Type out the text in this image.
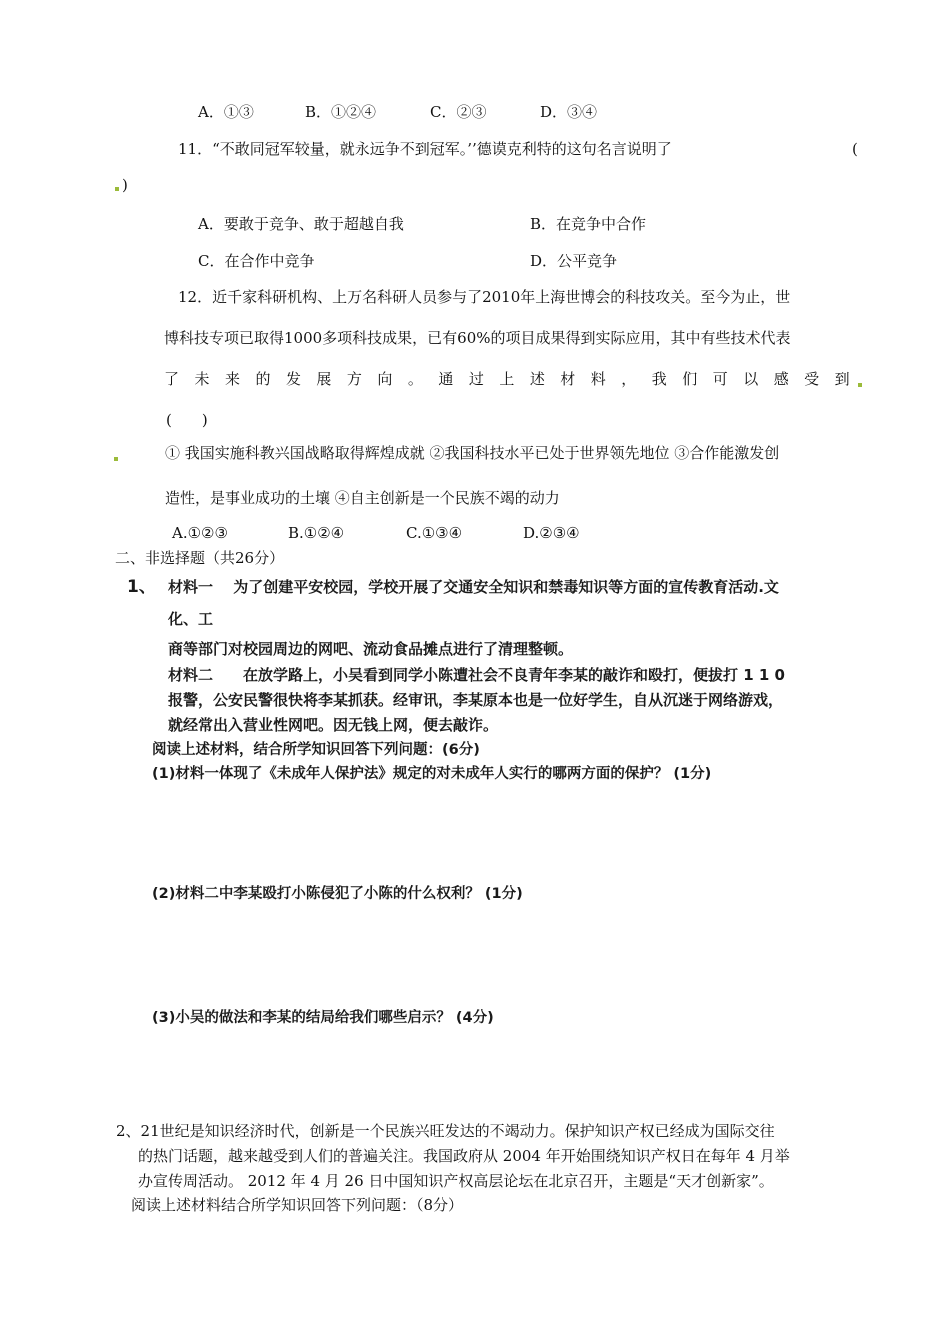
A．①③	B．①②④	C．②③	D．③④
11．“不敢同冠军较量，就永远争不到冠军。’’德谟克利特的这句名言说明了	(
)
A．要敢于竞争、敢于超越自我	B．在竞争中合作
C．在合作中竞争	D．公平竞争
12．近千家科研机构、上万名科研人员参与了2010年上海世博会的科技攻关。至今为止，世
博科技专项已取得1000多项科技成果，已有60%的项目成果得到实际应用，其中有些技术代表
了 未 来 的 发 展 方 向 。 通 过 上 述 材 料 ， 我 们 可 以 感 受 到
(　　)
① 我国实施科教兴国战略取得辉煌成就 ②我国科技水平已处于世界领先地位 ③合作能激发创
造性，是事业成功的土壤 ④自主创新是一个民族不竭的动力
A.①②③	B.①②④	C.①③④	D.②③④
二、非选择题（共26分）
1、 材料一　 为了创建平安校园，学校开展了交通安全知识和禁毒知识等方面的宣传教育活动.文
化、工
商等部门对校园周边的网吧、流动食品摊点进行了清理整顿。
材料二　　在放学路上，小吴看到同学小陈遭社会不良青年李某的敲诈和殴打，便拔打 1 1 0
报警，公安民警很快将李某抓获。经审讯，李某原本也是一位好学生，自从沉迷于网络游戏，
就经常出入营业性网吧。因无钱上网，便去敲诈。
阅读上述材料，结合所学知识回答下列问题：(6分)
(1)材料一体现了《未成年人保护法》规定的对未成年人实行的哪两方面的保护？ (1分)
(2)材料二中李某殴打小陈侵犯了小陈的什么权利？ (1分)
(3)小吴的做法和李某的结局给我们哪些启示？ (4分)
2、21世纪是知识经济时代，创新是一个民族兴旺发达的不竭动力。保护知识产权已经成为国际交往
的热门话题，越来越受到人们的普遍关注。我国政府从 2004 年开始围绕知识产权日在每年 4 月举
办宣传周活动。 2012 年 4 月 26 日中国知识产权高层论坛在北京召开，主题是“天才创新家”。
阅读上述材料结合所学知识回答下列问题：（8分）
